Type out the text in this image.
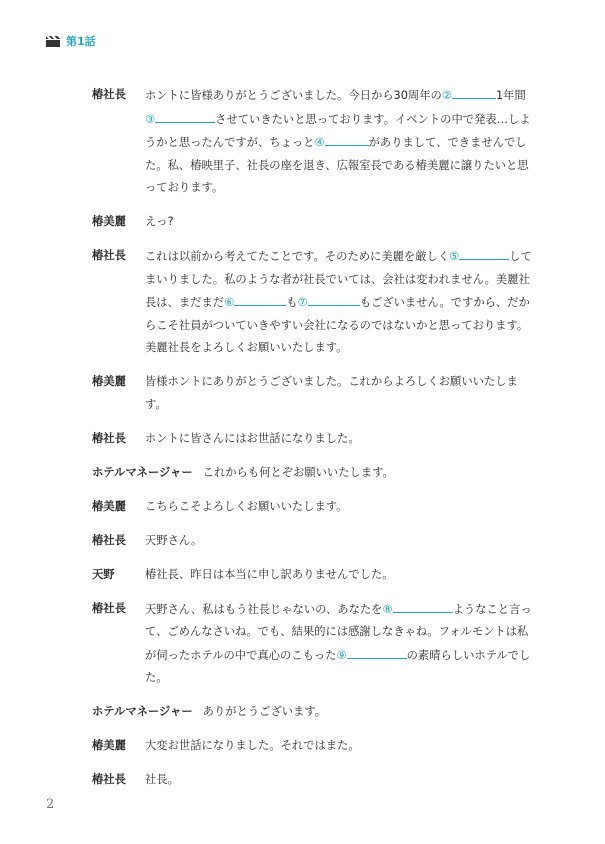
第1話
椿社長	ホントに皆様ありがとうございました。今日から30周年の②	1年間③	させていきたいと思っております。イベントの中で発表…しようかと思ったんですが、ちょっと④	がありまして、できませんでした。私、椿映里子、社長の座を退き、広報室長である椿美麗に譲りたいと思っております。
椿美麗	えっ?
椿社長	これは以前から考えてたことです。そのために美麗を厳しく⑤	してまいりました。私のような者が社長でいては、会社は変われません。美麗社長は、まだまだ⑥	も⑦	もございません。ですから、だからこそ社員がついていきやすい会社になるのではないかと思っております。美麗社長をよろしくお願いいたします。
椿美麗	皆様ホントにありがとうございました。これからよろしくお願いいたします。
椿社長	ホントに皆さんにはお世話になりました。
ホテルマネージャー これからも何とぞお願いいたします。
椿美麗	こちらこそよろしくお願いいたします。
椿社長	天野さん。
天野	椿社長、昨日は本当に申し訳ありませんでした。
椿社長	天野さん、私はもう社長じゃないの、あなたを⑧	ようなこと言って、ごめんなさいね。でも、結果的には感謝しなきゃね。フォルモントは私が伺ったホテルの中で真心のこもった⑨	の素晴らしいホテルでした。
ホテルマネージャー ありがとうございます。
椿美麗	大変お世話になりました。それではまた。
椿社長	社長。
2
